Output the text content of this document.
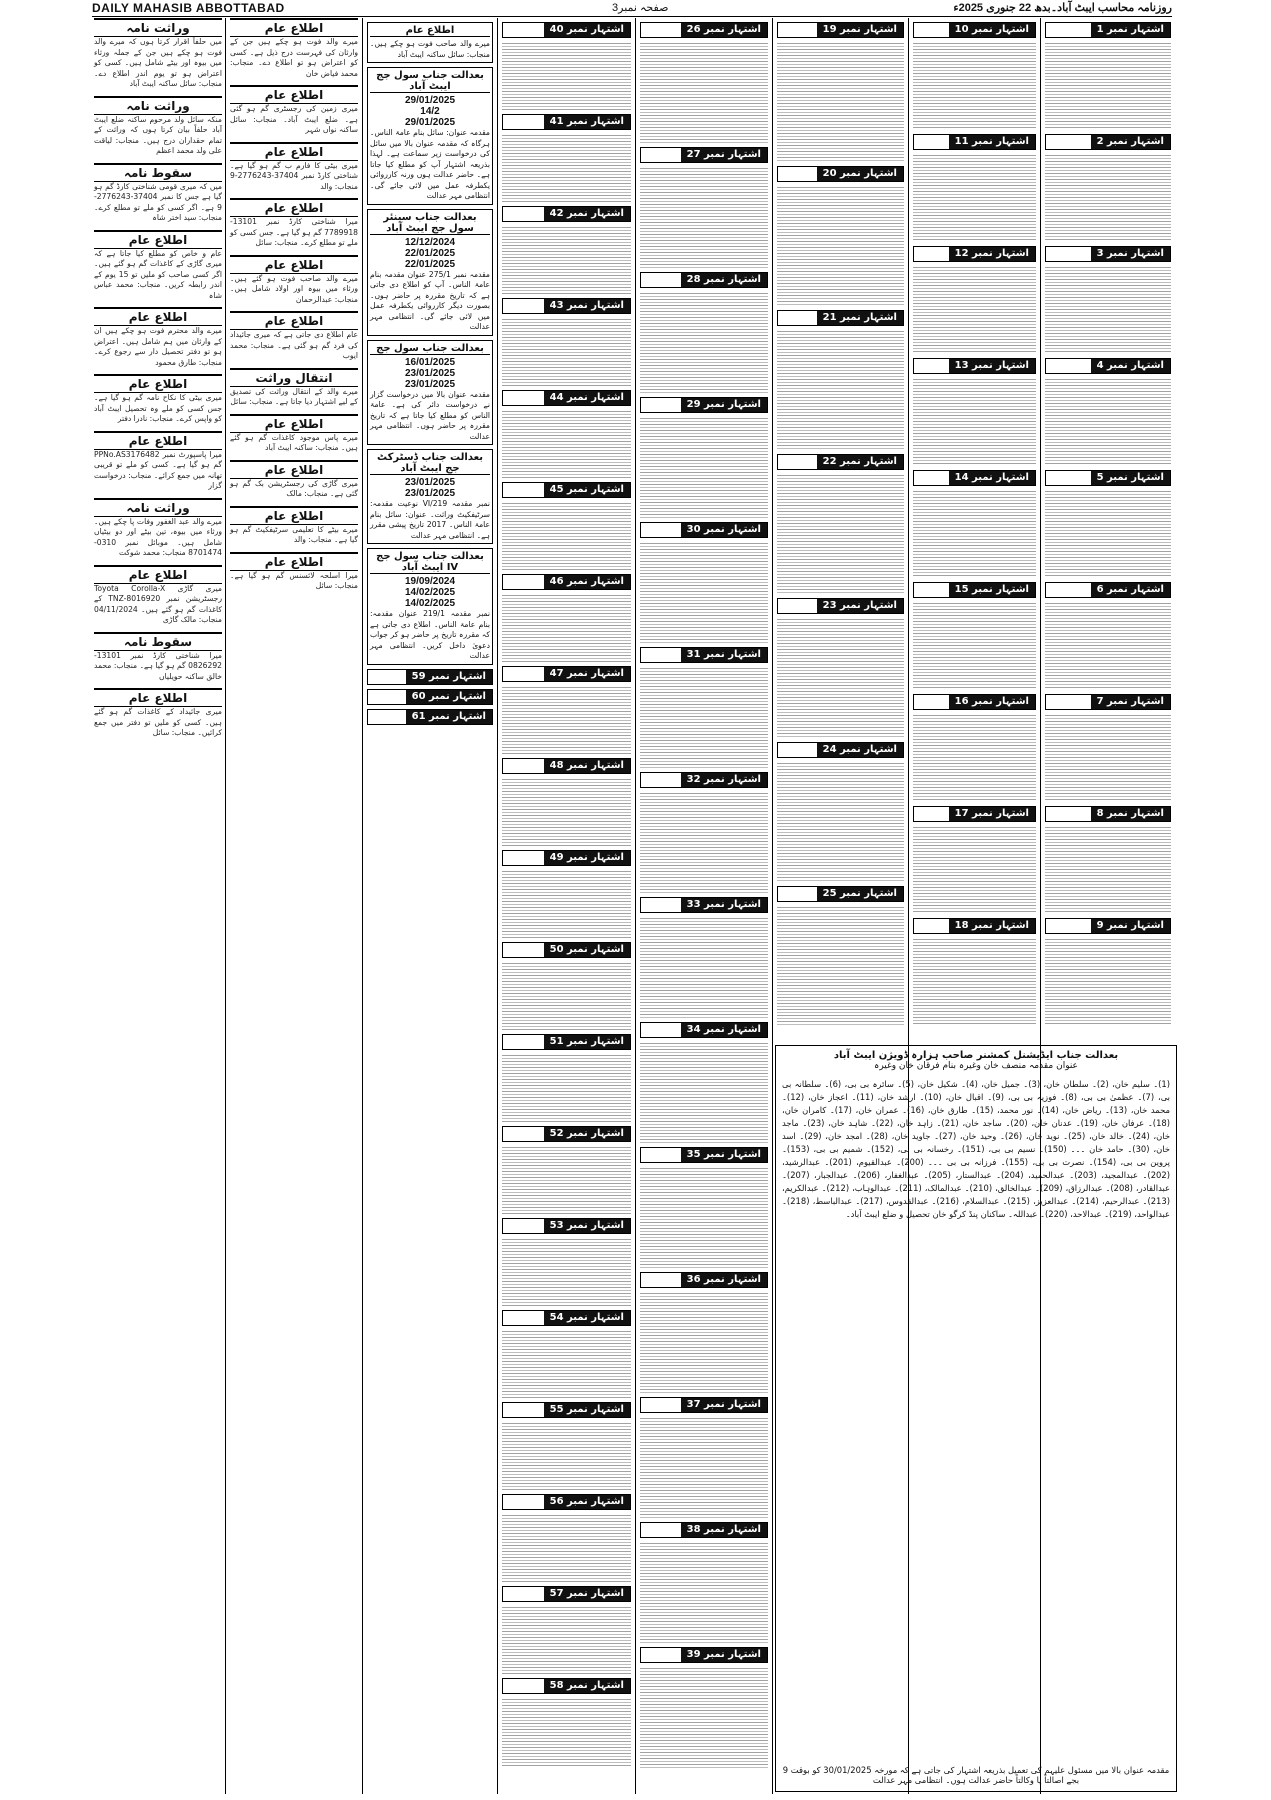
DAILY MAHASIB ABBOTTABAD	صفحہ نمبر3	روزنامہ محاسب ایبٹ آباد۔بدھ 22 جنوری 2025ء
وراثت نامہ
میں حلفاً اقرار کرتا ہوں کہ میرے والد فوت ہو چکے ہیں جن کے جملہ ورثاء میں بیوہ اور بیٹے شامل ہیں۔ کسی کو اعتراض ہو تو یوم اندر اطلاع دے۔ منجاب: سائل ساکنہ ایبٹ آباد
وراثت نامہ
منکہ سائل ولد مرحوم ساکنہ ضلع ایبٹ آباد حلفاً بیان کرتا ہوں کہ وراثت کے تمام حقداران درج ہیں۔ منجاب: لیاقت علی ولد محمد اعظم
سقوط نامہ
میں کہ میری قومی شناختی کارڈ گم ہو گیا ہے جس کا نمبر 37404-2776243-9 ہے۔ اگر کسی کو ملے تو مطلع کرے۔ منجاب: سید اختر شاہ
اطلاع عام
عام و خاص کو مطلع کیا جاتا ہے کہ میری گاڑی کے کاغذات گم ہو گئے ہیں۔ اگر کسی صاحب کو ملیں تو 15 یوم کے اندر رابطہ کریں۔ منجاب: محمد عباس شاہ
اطلاع عام
میرے والد محترم فوت ہو چکے ہیں ان کے وارثان میں ہم شامل ہیں۔ اعتراض ہو تو دفتر تحصیل دار سے رجوع کرے۔ منجاب: طارق محمود
اطلاع عام
میری بیٹی کا نکاح نامہ گم ہو گیا ہے۔ جس کسی کو ملے وہ تحصیل ایبٹ آباد کو واپس کرے۔ منجاب: نادرا دفتر
اطلاع عام
میرا پاسپورٹ نمبر PPNo.AS3176482 گم ہو گیا ہے۔ کسی کو ملے تو قریبی تھانہ میں جمع کرائے۔ منجاب: درخواست گزار
وراثت نامہ
میرے والد عبد الغفور وفات پا چکے ہیں۔ ورثاء میں بیوہ، تین بیٹے اور دو بیٹیاں شامل ہیں۔ موبائل نمبر 0310-8701474 منجاب: محمد شوکت
اطلاع عام
میری گاڑی Toyota Corolla-X رجسٹریشن نمبر TNZ-8016920 کے کاغذات گم ہو گئے ہیں۔ 04/11/2024 منجاب: مالک گاڑی
سقوط نامہ
میرا شناختی کارڈ نمبر 13101-0826292 گم ہو گیا ہے۔ منجاب: محمد خالق ساکنہ حویلیاں
اطلاع عام
میری جائیداد کے کاغذات گم ہو گئے ہیں۔ کسی کو ملیں تو دفتر میں جمع کرائیں۔ منجاب: سائل
اطلاع عام
میرے والد فوت ہو چکے ہیں جن کے وارثان کی فہرست درج ذیل ہے۔ کسی کو اعتراض ہو تو اطلاع دے۔ منجاب: محمد فیاض خان
اطلاع عام
میری زمین کی رجسٹری گم ہو گئی ہے۔ ضلع ایبٹ آباد۔ منجاب: سائل ساکنہ نواں شہر
اطلاع عام
میری بیٹی کا فارم ب گم ہو گیا ہے۔ شناختی کارڈ نمبر 37404-2776243-9 منجاب: والد
اطلاع عام
میرا شناختی کارڈ نمبر 13101-7789918 گم ہو گیا ہے۔ جس کسی کو ملے تو مطلع کرے۔ منجاب: سائل
اطلاع عام
میرے والد صاحب فوت ہو گئے ہیں۔ ورثاء میں بیوہ اور اولاد شامل ہیں۔ منجاب: عبدالرحمان
اطلاع عام
عام اطلاع دی جاتی ہے کہ میری جائیداد کی فرد گم ہو گئی ہے۔ منجاب: محمد ایوب
انتقال وراثت
میرے والد کے انتقال وراثت کی تصدیق کے لیے اشتہار دیا جاتا ہے۔ منجاب: سائل
اطلاع عام
میرے پاس موجود کاغذات گم ہو گئے ہیں۔ منجاب: ساکنہ ایبٹ آباد
اطلاع عام
میری گاڑی کی رجسٹریشن بک گم ہو گئی ہے۔ منجاب: مالک
اطلاع عام
میرے بیٹے کا تعلیمی سرٹیفکیٹ گم ہو گیا ہے۔ منجاب: والد
اطلاع عام
میرا اسلحہ لائسنس گم ہو گیا ہے۔ منجاب: سائل
اطلاع عام
میرے والد صاحب فوت ہو چکے ہیں۔ منجاب: سائل ساکنہ ایبٹ آباد
بعدالت جناب سول جج ایبٹ آباد
29/01/2025
14/2
29/01/2025
مقدمہ عنوان: سائل بنام عامۃ الناس۔ ہرگاہ کہ مقدمہ عنوان بالا میں سائل کی درخواست زیر سماعت ہے۔ لہذا بذریعہ اشتہار آپ کو مطلع کیا جاتا ہے۔ حاضر عدالت ہوں ورنہ کارروائی یکطرفہ عمل میں لائی جائے گی۔ انتظامی مہر عدالت
بعدالت جناب سینئر سول جج ایبٹ آباد
12/12/2024
22/01/2025
22/01/2025
مقدمہ نمبر 275/1 عنوان مقدمہ بنام عامۃ الناس۔ آپ کو اطلاع دی جاتی ہے کہ تاریخ مقررہ پر حاضر ہوں۔ بصورت دیگر کارروائی یکطرفہ عمل میں لائی جائے گی۔ انتظامی مہر عدالت
بعدالت جناب سول جج
16/01/2025
23/01/2025
23/01/2025
مقدمہ عنوان بالا میں درخواست گزار نے درخواست دائر کی ہے۔ عامۃ الناس کو مطلع کیا جاتا ہے کہ تاریخ مقررہ پر حاضر ہوں۔ انتظامی مہر عدالت
بعدالت جناب ڈسٹرکٹ جج ایبٹ آباد
23/01/2025
23/01/2025
نمبر مقدمہ 219/VI نوعیت مقدمہ: سرٹیفکیٹ وراثت۔ عنوان: سائل بنام عامۃ الناس۔ 2017 تاریخ پیشی مقرر ہے۔ انتظامی مہر عدالت
بعدالت جناب سول جج IV ایبٹ آباد
19/09/2024
14/02/2025
14/02/2025
نمبر مقدمہ 219/1 عنوان مقدمہ: بنام عامۃ الناس۔ اطلاع دی جاتی ہے کہ مقررہ تاریخ پر حاضر ہو کر جواب دعویٰ داخل کریں۔ انتظامی مہر عدالت
اشتہار نمبر 59
اشتہار نمبر 60
اشتہار نمبر 61
اشتہار نمبر 40
اشتہار نمبر 41
اشتہار نمبر 42
اشتہار نمبر 43
اشتہار نمبر 44
اشتہار نمبر 45
اشتہار نمبر 46
اشتہار نمبر 47
اشتہار نمبر 48
اشتہار نمبر 49
اشتہار نمبر 50
اشتہار نمبر 51
اشتہار نمبر 52
اشتہار نمبر 53
اشتہار نمبر 54
اشتہار نمبر 55
اشتہار نمبر 56
اشتہار نمبر 57
اشتہار نمبر 58
اشتہار نمبر 26
اشتہار نمبر 27
اشتہار نمبر 28
اشتہار نمبر 29
اشتہار نمبر 30
اشتہار نمبر 31
اشتہار نمبر 32
اشتہار نمبر 33
اشتہار نمبر 34
اشتہار نمبر 35
اشتہار نمبر 36
اشتہار نمبر 37
اشتہار نمبر 38
اشتہار نمبر 39
اشتہار نمبر 19
اشتہار نمبر 20
اشتہار نمبر 21
اشتہار نمبر 22
اشتہار نمبر 23
اشتہار نمبر 24
اشتہار نمبر 25
اشتہار نمبر 10
اشتہار نمبر 11
اشتہار نمبر 12
اشتہار نمبر 13
اشتہار نمبر 14
اشتہار نمبر 15
اشتہار نمبر 16
اشتہار نمبر 17
اشتہار نمبر 18
اشتہار نمبر 1
اشتہار نمبر 2
اشتہار نمبر 3
اشتہار نمبر 4
اشتہار نمبر 5
اشتہار نمبر 6
اشتہار نمبر 7
اشتہار نمبر 8
اشتہار نمبر 9
بعدالت جناب ایڈیشنل کمشنر صاحب ہزارہ ڈویژن ایبٹ آباد
عنوان مقدمہ منصف خان وغیرہ بنام فرقان خان وغیرہ
(1)۔ سلیم خان، (2)۔ سلطان خان، (3)۔ جمیل خان، (4)۔ شکیل خان، (5)۔ سائرہ بی بی، (6)۔ سلطانہ بی بی، (7)۔ عظمیٰ بی بی، (8)۔ فوزیہ بی بی، (9)۔ اقبال خان، (10)۔ ارشد خان، (11)۔ اعجاز خان، (12)۔ محمد خان، (13)۔ ریاض خان، (14)۔ نور محمد، (15)۔ طارق خان، (16)۔ عمران خان، (17)۔ کامران خان، (18)۔ عرفان خان، (19)۔ عدنان خان، (20)۔ ساجد خان، (21)۔ زاہد خان، (22)۔ شاہد خان، (23)۔ ماجد خان، (24)۔ خالد خان، (25)۔ نوید خان، (26)۔ وحید خان، (27)۔ جاوید خان، (28)۔ امجد خان، (29)۔ اسد خان، (30)۔ حامد خان ۔۔۔ (150)۔ نسیم بی بی، (151)۔ رخسانہ بی بی، (152)۔ شمیم بی بی، (153)۔ پروین بی بی، (154)۔ نصرت بی بی، (155)۔ فرزانہ بی بی ۔۔۔ (200)۔ عبدالقیوم، (201)۔ عبدالرشید، (202)۔ عبدالمجید، (203)۔ عبدالحمید، (204)۔ عبدالستار، (205)۔ عبدالغفار، (206)۔ عبدالجبار، (207)۔ عبدالقادر، (208)۔ عبدالرزاق، (209)۔ عبدالخالق، (210)۔ عبدالمالک، (211)۔ عبدالوہاب، (212)۔ عبدالکریم، (213)۔ عبدالرحیم، (214)۔ عبدالعزیز، (215)۔ عبدالسلام، (216)۔ عبدالقدوس، (217)۔ عبدالباسط، (218)۔ عبدالواحد، (219)۔ عبدالاحد، (220)۔ عبداللہ۔ ساکنان پنڈ کرگو خان تحصیل و ضلع ایبٹ آباد۔
مقدمہ عنوان بالا میں مسئول علیہم کی تعمیل بذریعہ اشتہار کی جاتی ہے کہ مورخہ 30/01/2025 کو بوقت 9 بجے اصالتاً یا وکالتاً حاضر عدالت ہوں۔ انتظامی مہر عدالت
